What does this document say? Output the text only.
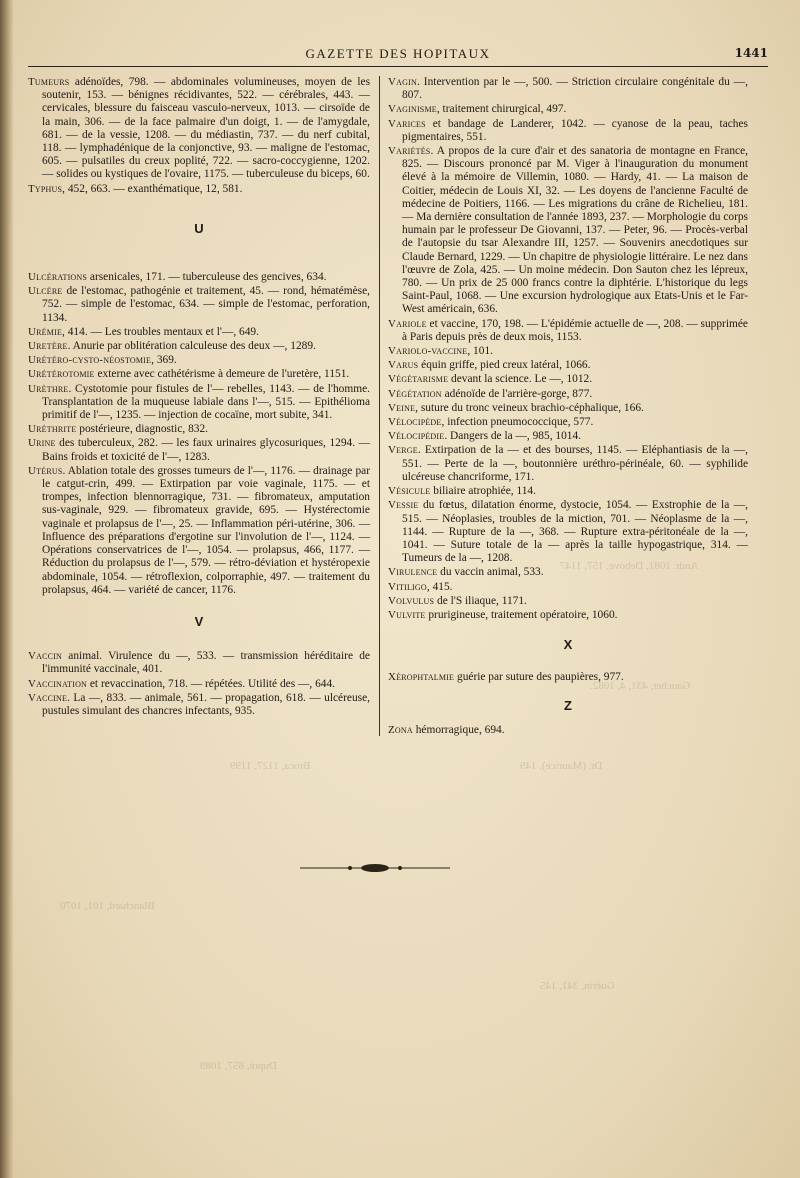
Andr. 1081, Debove, 157, 1147
Gaucher, 431, 4, 1082.
Dr. (Maurice). 149
Broca, 1127, 1199
Blanchard, 101, 1070
Guérin, 341, 145
Dupré, 857, 1089
GAZETTE DES HOPITAUX	1441
Tumeurs adénoïdes, 798. — abdominales volumineuses, moyen de les soutenir, 153. — bénignes récidivantes, 522. — cérébrales, 443. — cervicales, blessure du faisceau vasculo-nerveux, 1013. — cirsoïde de la main, 306. — de la face palmaire d'un doigt, 1. — de l'amygdale, 681. — de la vessie, 1208. — du médiastin, 737. — du nerf cubital, 118. — lymphadénique de la conjonctive, 93. — maligne de l'estomac, 605. — pulsatiles du creux poplité, 722. — sacro-coccygienne, 1202. — solides ou kystiques de l'ovaire, 1175. — tuberculeuse du biceps, 60.
Typhus, 452, 663. — exanthématique, 12, 581.
U
Ulcérations arsenicales, 171. — tuberculeuse des gencives, 634.
Ulcère de l'estomac, pathogénie et traitement, 45. — rond, hématémèse, 752. — simple de l'estomac, 634. — simple de l'estomac, perforation, 1134.
Urémie, 414. — Les troubles mentaux et l'—, 649.
Uretère. Anurie par oblitération calculeuse des deux —, 1289.
Urétéro-cysto-néostomie, 369.
Urétérotomie externe avec cathétérisme à demeure de l'uretère, 1151.
Urèthre. Cystotomie pour fistules de l'— rebelles, 1143. — de l'homme. Transplantation de la muqueuse labiale dans l'—, 515. — Epithélioma primitif de l'—, 1235. — injection de cocaïne, mort subite, 341.
Uréthrite postérieure, diagnostic, 832.
Urine des tuberculeux, 282. — les faux urinaires glycosuriques, 1294. — Bains froids et toxicité de l'—, 1283.
Utérus. Ablation totale des grosses tumeurs de l'—, 1176. — drainage par le catgut-crin, 499. — Extirpation par voie vaginale, 1175. — et trompes, infection blennorragique, 731. — fibromateux, amputation sus-vaginale, 929. — fibromateux gravide, 695. — Hystérectomie vaginale et prolapsus de l'—, 25. — Inflammation péri-utérine, 306. — Influence des préparations d'ergotine sur l'involution de l'—, 1124. — Opérations conservatrices de l'—, 1054. — prolapsus, 466, 1177. — Réduction du prolapsus de l'—, 579. — rétro-déviation et hystéropexie abdominale, 1054. — rétroflexion, colporraphie, 497. — traitement du prolapsus, 464. — variété de cancer, 1176.
V
Vaccin animal. Virulence du —, 533. — transmission héréditaire de l'immunité vaccinale, 401.
Vaccination et revaccination, 718. — répétées. Utilité des —, 644.
Vaccine. La —, 833. — animale, 561. — propagation, 618. — ulcéreuse, pustules simulant des chancres infectants, 935.
Vagin. Intervention par le —, 500. — Striction circulaire congénitale du —, 807.
Vaginisme, traitement chirurgical, 497.
Varices et bandage de Landerer, 1042. — cyanose de la peau, taches pigmentaires, 551.
Variétés. A propos de la cure d'air et des sanatoria de montagne en France, 825. — Discours prononcé par M. Viger à l'inauguration du monument élevé à la mémoire de Villemin, 1080. — Hardy, 41. — La maison de Coitier, médecin de Louis XI, 32. — Les doyens de l'ancienne Faculté de médecine de Poitiers, 1166. — Les migrations du crâne de Richelieu, 181. — Ma dernière consultation de l'année 1893, 237. — Morphologie du corps humain par le professeur De Giovanni, 137. — Peter, 96. — Procès-verbal de l'autopsie du tsar Alexandre III, 1257. — Souvenirs anecdotiques sur Claude Bernard, 1229. — Un chapitre de physiologie littéraire. Le nez dans l'œuvre de Zola, 425. — Un moine médecin. Don Sauton chez les lépreux, 780. — Un prix de 25 000 francs contre la diphtérie. L'historique du legs Saint-Paul, 1068. — Une excursion hydrologique aux Etats-Unis et le Far-West américain, 636.
Variole et vaccine, 170, 198. — L'épidémie actuelle de —, 208. — supprimée à Paris depuis près de deux mois, 1153.
Variolo-vaccine, 101.
Varus équin griffe, pied creux latéral, 1066.
Végétarisme devant la science. Le —, 1012.
Végétation adénoïde de l'arrière-gorge, 877.
Veine, suture du tronc veineux brachio-céphalique, 166.
Vélocipède, infection pneumococcique, 577.
Vélocipédie. Dangers de la —, 985, 1014.
Verge. Extirpation de la — et des bourses, 1145. — Eléphantiasis de la —, 551. — Perte de la —, boutonnière uréthro-périnéale, 60. — syphilide ulcéreuse chancriforme, 171.
Vésicule biliaire atrophiée, 114.
Vessie du fœtus, dilatation énorme, dystocie, 1054. — Exstrophie de la —, 515. — Néoplasies, troubles de la miction, 701. — Néoplasme de la —, 1144. — Rupture de la —, 368. — Rupture extra-péritonéale de la —, 1041. — Suture totale de la — après la taille hypogastrique, 314. — Tumeurs de la —, 1208.
Virulence du vaccin animal, 533.
Vitiligo, 415.
Volvulus de l'S iliaque, 1171.
Vulvite prurigineuse, traitement opératoire, 1060.
X
Xérophtalmie guérie par suture des paupières, 977.
Z
Zona hémorragique, 694.
